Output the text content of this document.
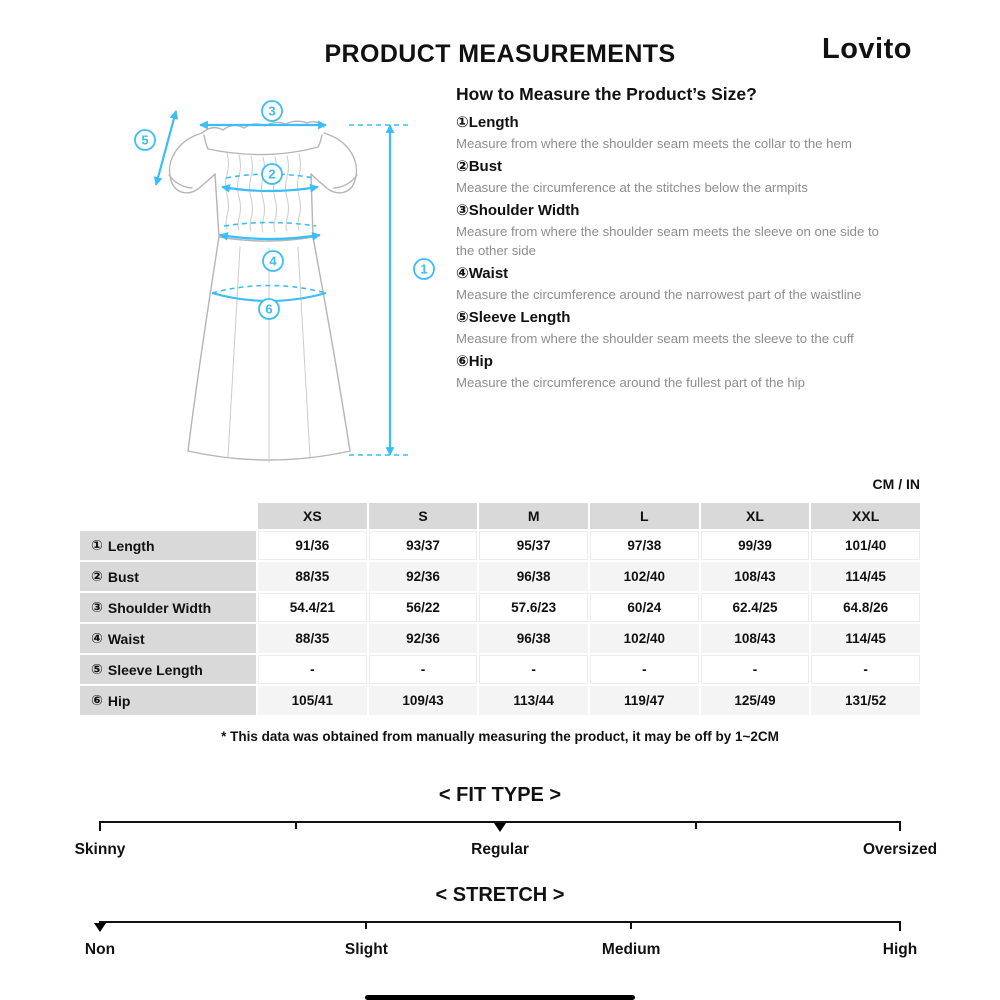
PRODUCT MEASUREMENTS	Lovito
3
5
2
4
6
1
How to Measure the Product’s Size?
①Length
Measure from where the shoulder seam meets the collar to the hem
②Bust
Measure the circumference at the stitches below the armpits
③Shoulder Width
Measure from where the shoulder seam meets the sleeve on one side to the other side
④Waist
Measure the circumference around the narrowest part of the waistline
⑤Sleeve Length
Measure from where the shoulder seam meets the sleeve to the cuff
⑥Hip
Measure the circumference around the fullest part of the hip
CM / IN
XS	S	M	L	XL	XXL
① Length	91/36	93/37	95/37	97/38	99/39	101/40
② Bust	88/35	92/36	96/38	102/40	108/43	114/45
③ Shoulder Width	54.4/21	56/22	57.6/23	60/24	62.4/25	64.8/26
④ Waist	88/35	92/36	96/38	102/40	108/43	114/45
⑤ Sleeve Length	-	-	-	-	-	-
⑥ Hip	105/41	109/43	113/44	119/47	125/49	131/52
* This data was obtained from manually measuring the product, it may be off by 1~2CM
< FIT TYPE >
Skinny	Regular	Oversized
< STRETCH >
Non	Slight	Medium	High
